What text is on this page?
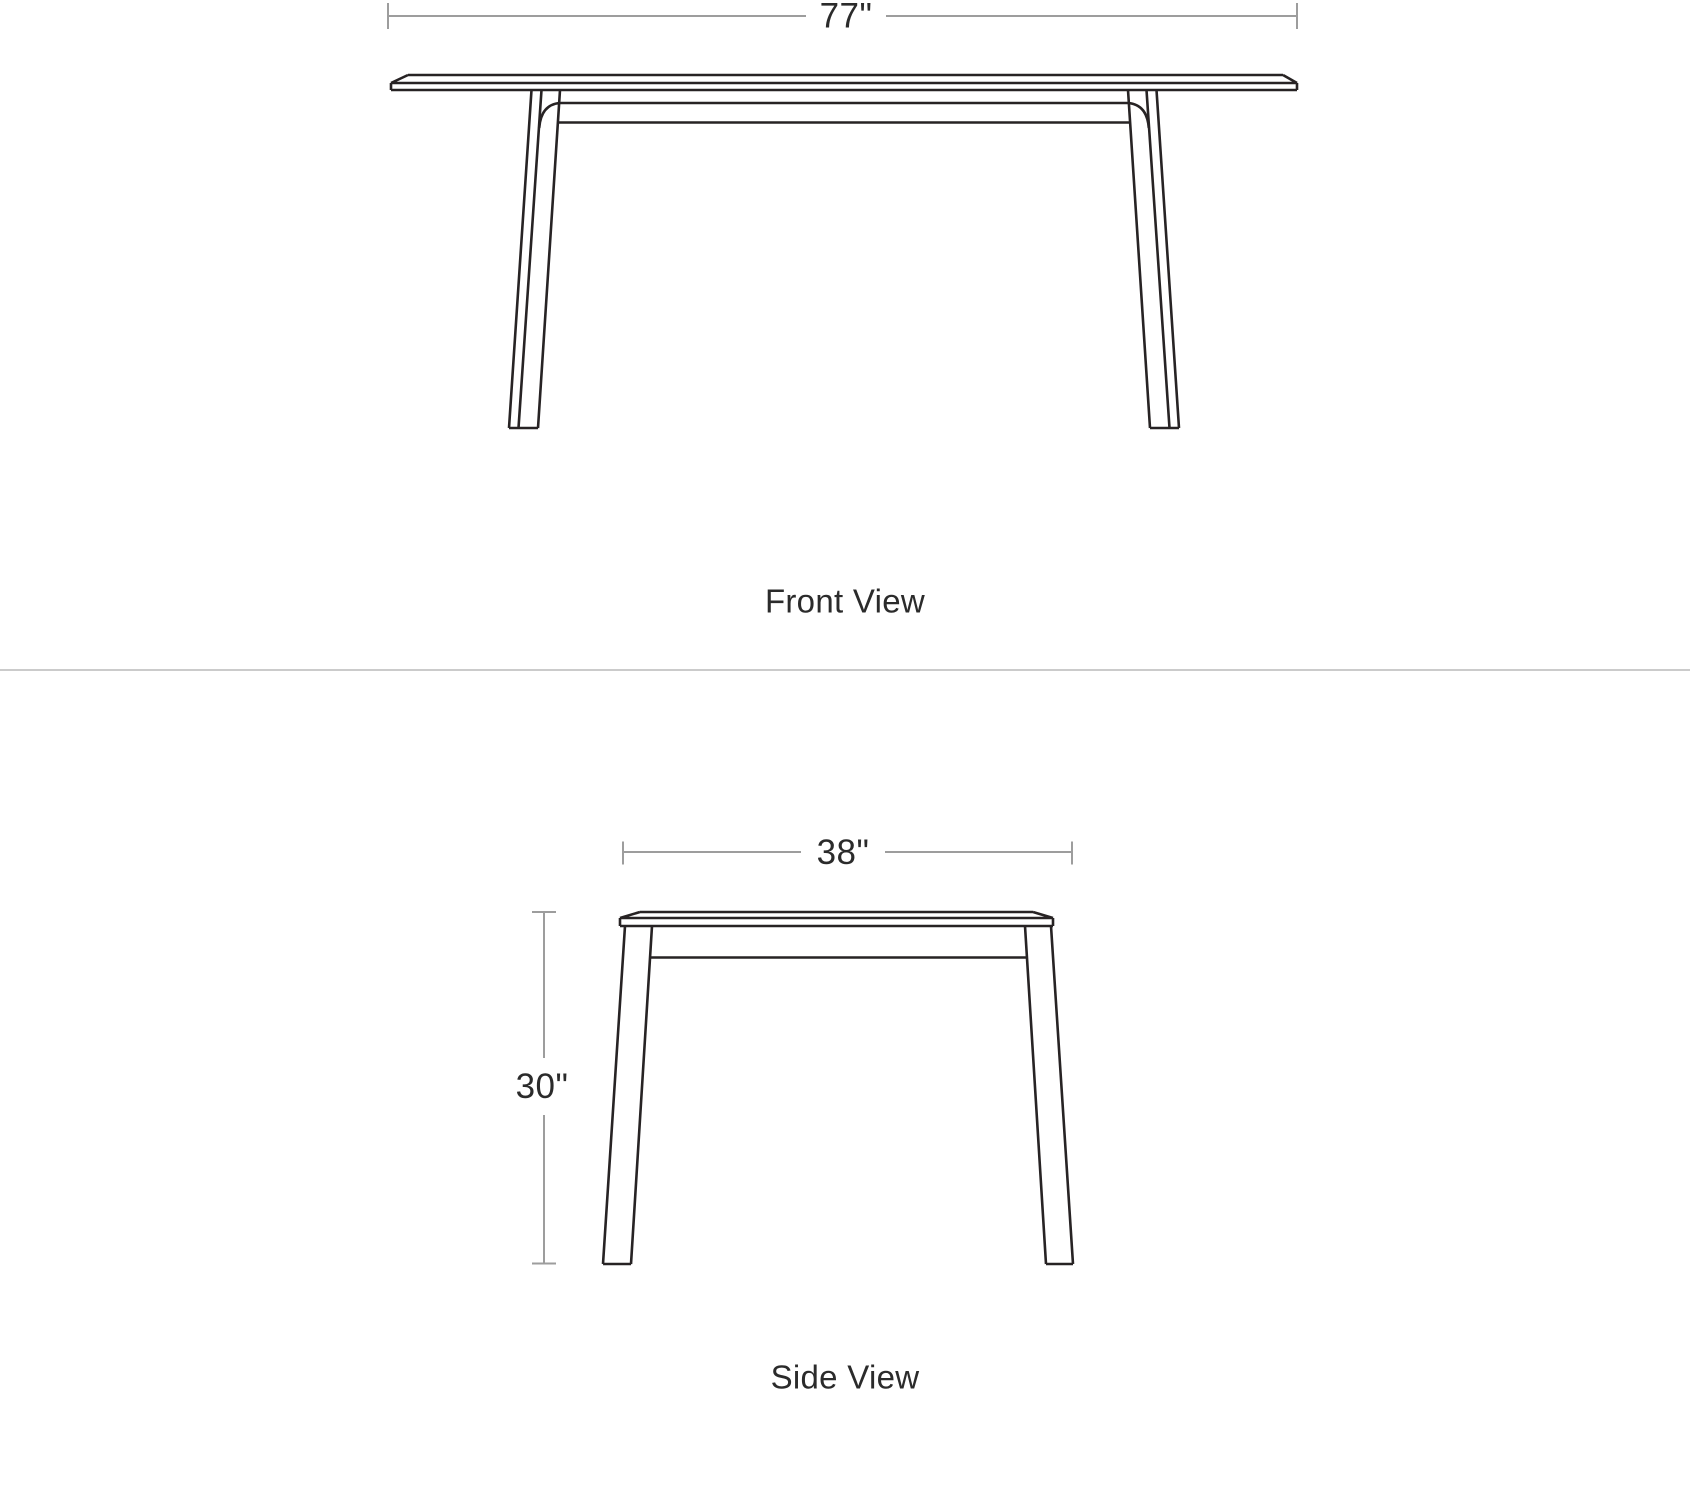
77"
Front View
38"
30"
Side View
